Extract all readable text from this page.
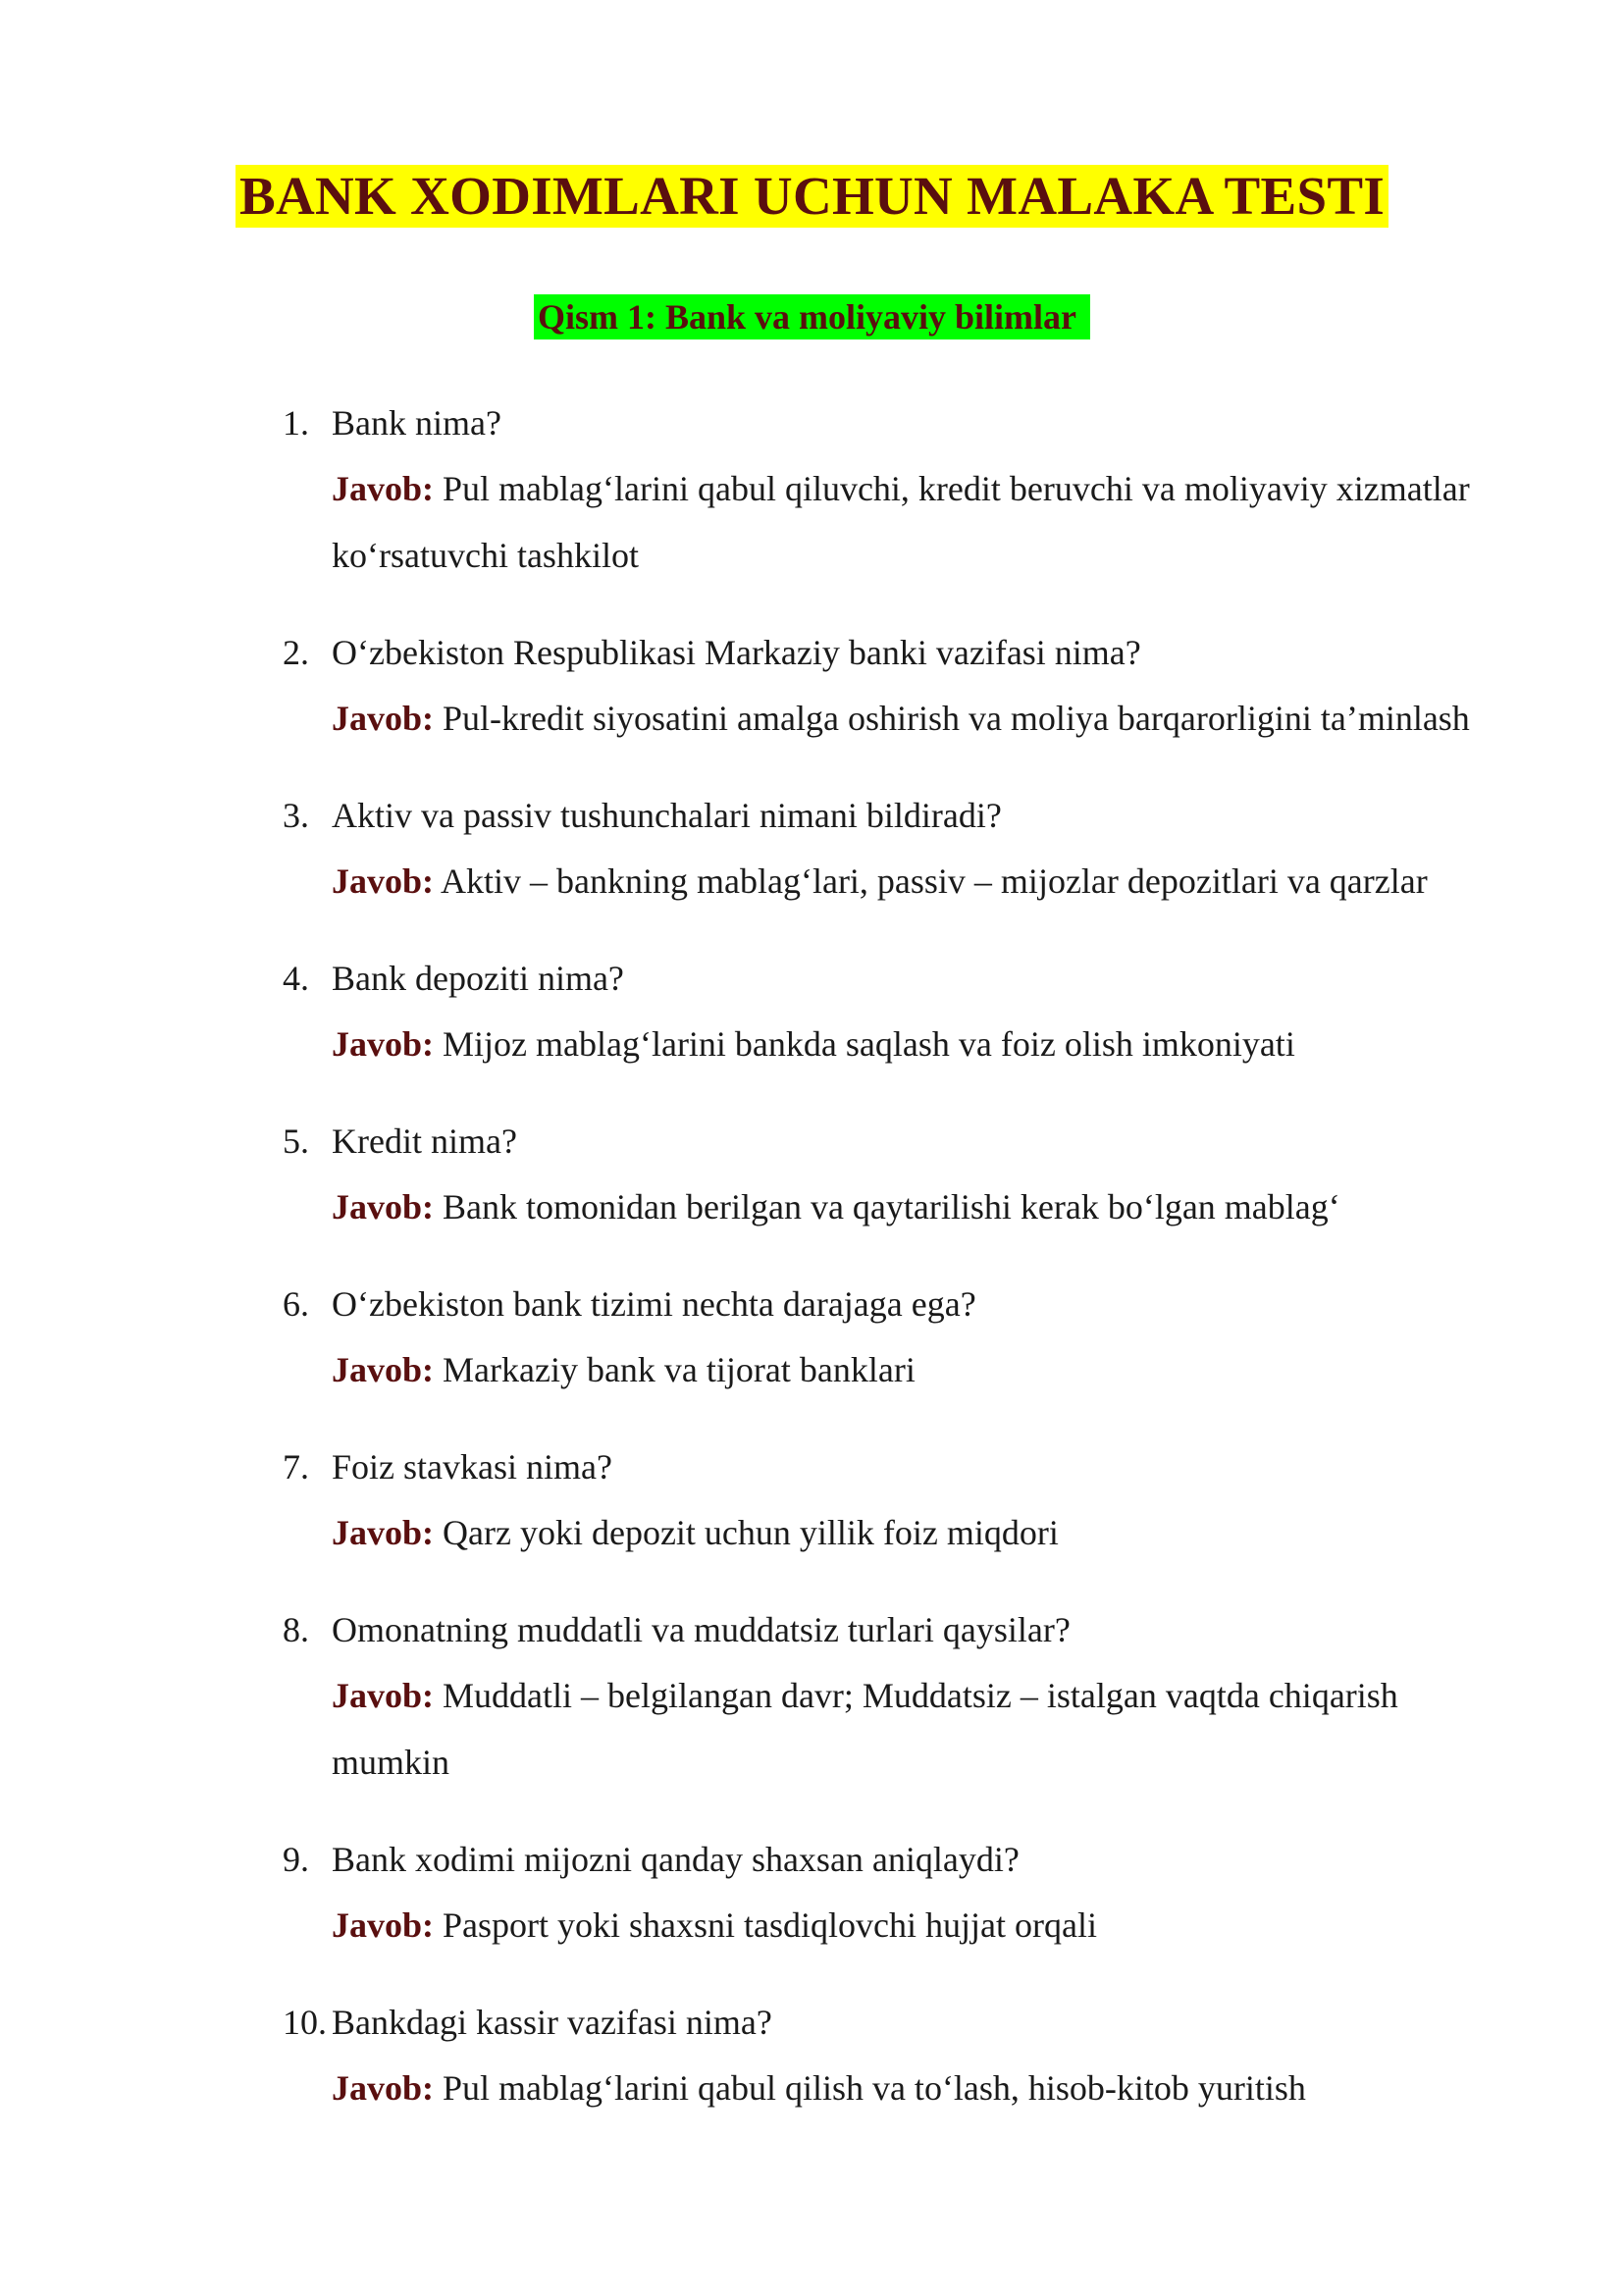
BANK XODIMLARI UCHUN MALAKA TESTI
Qism 1: Bank va moliyaviy bilimlar
1. Bank nima?
Javob: Pul mablag‘larini qabul qiluvchi, kredit beruvchi va moliyaviy xizmatlar ko‘rsatuvchi tashkilot
2. O‘zbekiston Respublikasi Markaziy banki vazifasi nima?
Javob: Pul-kredit siyosatini amalga oshirish va moliya barqarorligini ta’minlash
3. Aktiv va passiv tushunchalari nimani bildiradi?
Javob: Aktiv – bankning mablag‘lari, passiv – mijozlar depozitlari va qarzlar
4. Bank depoziti nima?
Javob: Mijoz mablag‘larini bankda saqlash va foiz olish imkoniyati
5. Kredit nima?
Javob: Bank tomonidan berilgan va qaytarilishi kerak bo‘lgan mablag‘
6. O‘zbekiston bank tizimi nechta darajaga ega?
Javob: Markaziy bank va tijorat banklari
7. Foiz stavkasi nima?
Javob: Qarz yoki depozit uchun yillik foiz miqdori
8. Omonatning muddatli va muddatsiz turlari qaysilar?
Javob: Muddatli – belgilangan davr; Muddatsiz – istalgan vaqtda chiqarish mumkin
9. Bank xodimi mijozni qanday shaxsan aniqlaydi?
Javob: Pasport yoki shaxsni tasdiqlovchi hujjat orqali
10. Bankdagi kassir vazifasi nima?
Javob: Pul mablag‘larini qabul qilish va to‘lash, hisob-kitob yuritish
